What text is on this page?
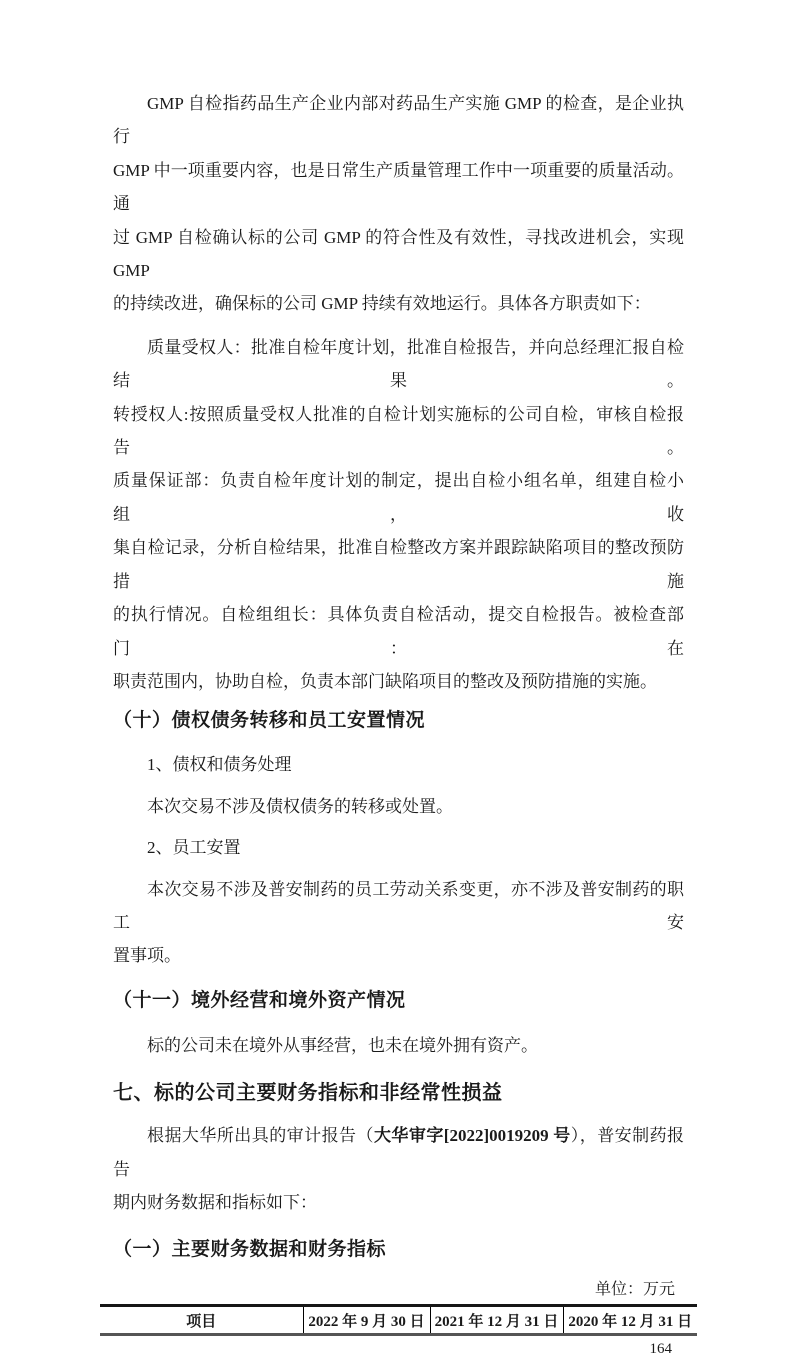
GMP 自检指药品生产企业内部对药品生产实施 GMP 的检查，是企业执行
GMP 中一项重要内容，也是日常生产质量管理工作中一项重要的质量活动。通
过 GMP 自检确认标的公司 GMP 的符合性及有效性，寻找改进机会，实现 GMP
的持续改进，确保标的公司 GMP 持续有效地运行。具体各方职责如下：
质量受权人：批准自检年度计划，批准自检报告，并向总经理汇报自检结果。
转授权人:按照质量受权人批准的自检计划实施标的公司自检，审核自检报告。
质量保证部：负责自检年度计划的制定，提出自检小组名单，组建自检小组，收
集自检记录，分析自检结果，批准自检整改方案并跟踪缺陷项目的整改预防措施
的执行情况。自检组组长：具体负责自检活动，提交自检报告。被检查部门：在
职责范围内，协助自检，负责本部门缺陷项目的整改及预防措施的实施。
（十）债权债务转移和员工安置情况
1、债权和债务处理
本次交易不涉及债权债务的转移或处置。
2、员工安置
本次交易不涉及普安制药的员工劳动关系变更，亦不涉及普安制药的职工安
置事项。
（十一）境外经营和境外资产情况
标的公司未在境外从事经营，也未在境外拥有资产。
七、标的公司主要财务指标和非经常性损益
根据大华所出具的审计报告（大华审字[2022]0019209 号），普安制药报告
期内财务数据和指标如下：
（一）主要财务数据和财务指标
单位：万元
项目	2022 年 9 月 30 日	2021 年 12 月 31 日	2020 年 12 月 31 日
164
